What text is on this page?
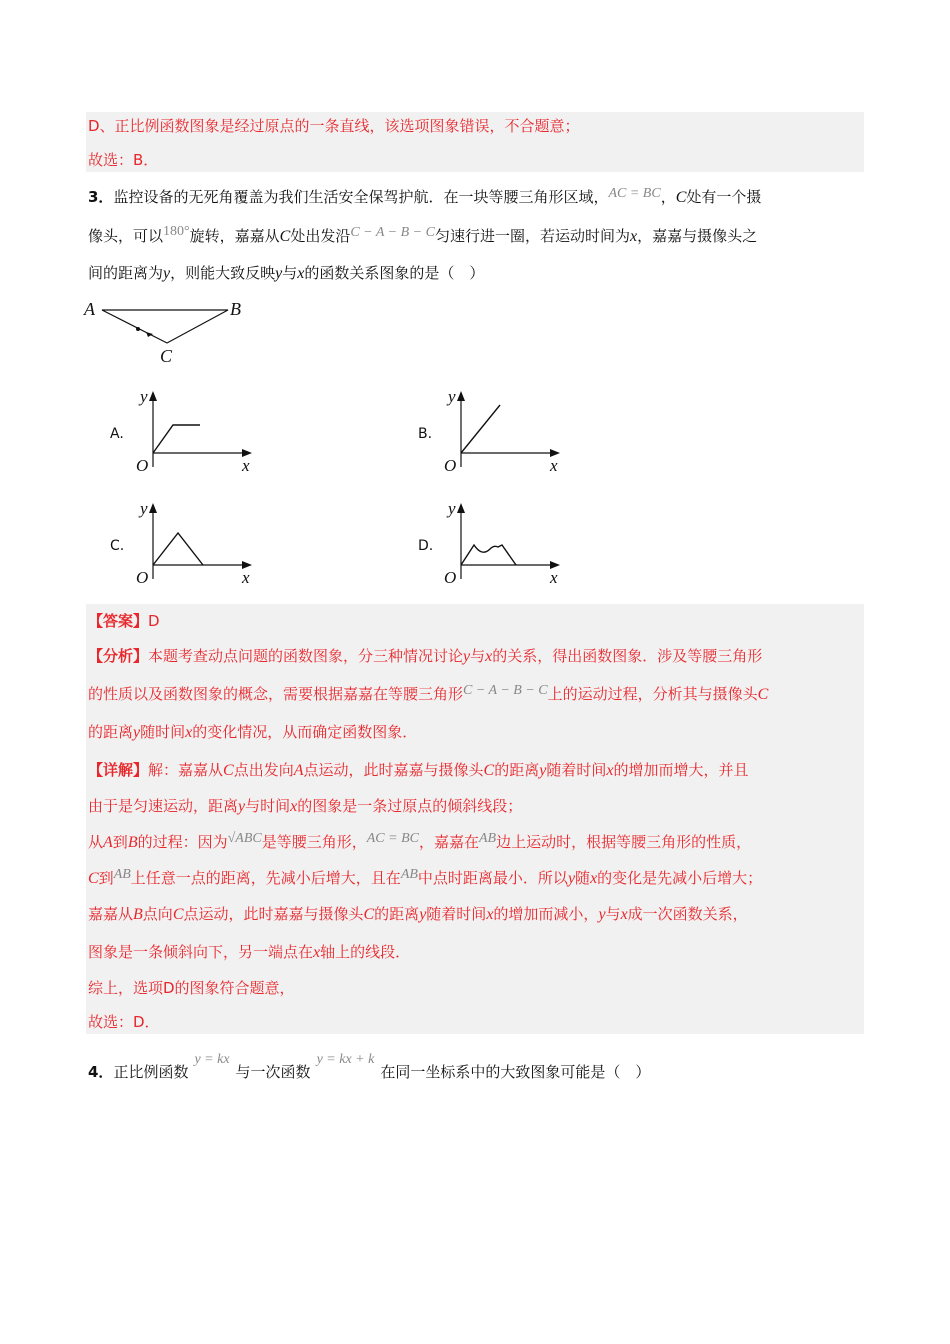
D、正比例函数图象是经过原点的一条直线，该选项图象错误，不合题意；
故选：B．
3．监控设备的无死角覆盖为我们生活安全保驾护航．在一块等腰三角形区域，AC = BC，C处有一个摄
像头，可以180°旋转，嘉嘉从C处出发沿C − A − B − C匀速行进一圈，若运动时间为x，嘉嘉与摄像头之
间的距离为y，则能大致反映y与x的函数关系图象的是（　）
A	B
C
A.
y
x
O
B.
y
x
O
C.
y
x
O
D.
y
x
O
【答案】D
【分析】本题考查动点问题的函数图象，分三种情况讨论y与x的关系，得出函数图象．涉及等腰三角形
的性质以及函数图象的概念，需要根据嘉嘉在等腰三角形C − A − B − C上的运动过程，分析其与摄像头C
的距离y随时间x的变化情况，从而确定函数图象．
【详解】解：嘉嘉从C点出发向A点运动，此时嘉嘉与摄像头C的距离y随着时间x的增加而增大，并且
由于是匀速运动，距离y与时间x的图象是一条过原点的倾斜线段；
从A到B的过程：因为√ABC是等腰三角形，AC = BC，嘉嘉在AB边上运动时，根据等腰三角形的性质，
C到AB上任意一点的距离，先减小后增大，且在AB中点时距离最小．所以y随x的变化是先减小后增大；
嘉嘉从B点向C点运动，此时嘉嘉与摄像头C的距离y随着时间x的增加而减小，y与x成一次函数关系，
图象是一条倾斜向下，另一端点在x轴上的线段．
综上，选项D的图象符合题意，
故选：D．
4．正比例函数y = kx与一次函数y = kx + k在同一坐标系中的大致图象可能是（　）
